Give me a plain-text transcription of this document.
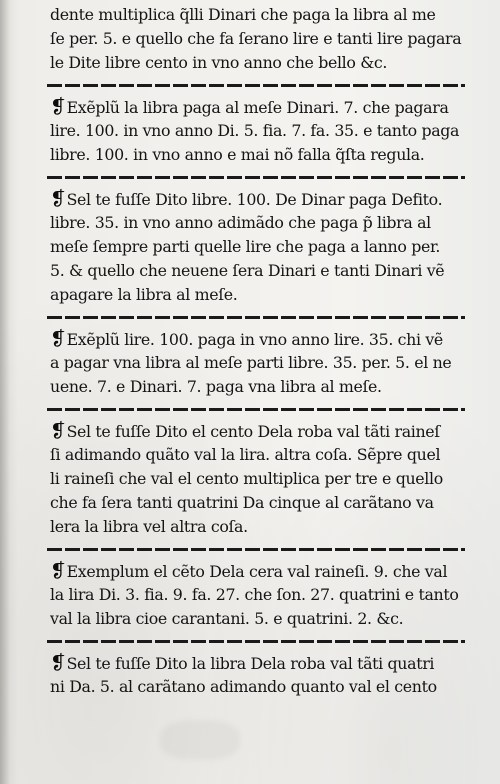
dente multiplica q̃lli Dinari che paga la libra al me
ſe per. 5. e quello che fa ſerano lire e tanti lire pagara
le Dite libre cento in vno anno che bello &c.
❡Exẽplũ la libra paga al meſe Dinari. 7. che pagara
lire. 100. in vno anno Di. 5. fia. 7. fa. 35. e tanto paga
libre. 100. in vno anno e mai nõ falla q̃ſta regula.
❡Sel te fuſſe Dito libre. 100. De Dinar paga Defito.
libre. 35. in vno anno adimãdo che paga p̃ libra al
meſe ſempre parti quelle lire che paga a lanno per.
5. & quello che neuene ſera Dinari e tanti Dinari vẽ
apagare la libra al meſe.
❡Exẽplũ lire. 100. paga in vno anno lire. 35. chi vẽ
a pagar vna libra al meſe parti libre. 35. per. 5. el ne
uene. 7. e Dinari. 7. paga vna libra al meſe.
❡Sel te fuſſe Dito el cento Dela roba val tãti raineſ
ſi adimando quãto val la lira. altra coſa. Sẽpre quel
li raineſi che val el cento multiplica per tre e quello
che fa ſera tanti quatrini Da cinque al carãtano va
lera la libra vel altra coſa.
❡Exemplum el cẽto Dela cera val raineſi. 9. che val
la lira Di. 3. fia. 9. fa. 27. che ſon. 27. quatrini e tanto
val la libra cioe carantani. 5. e quatrini. 2. &c.
❡Sel te fuſſe Dito la libra Dela roba val tãti quatri
ni Da. 5. al carãtano adimando quanto val el cento
